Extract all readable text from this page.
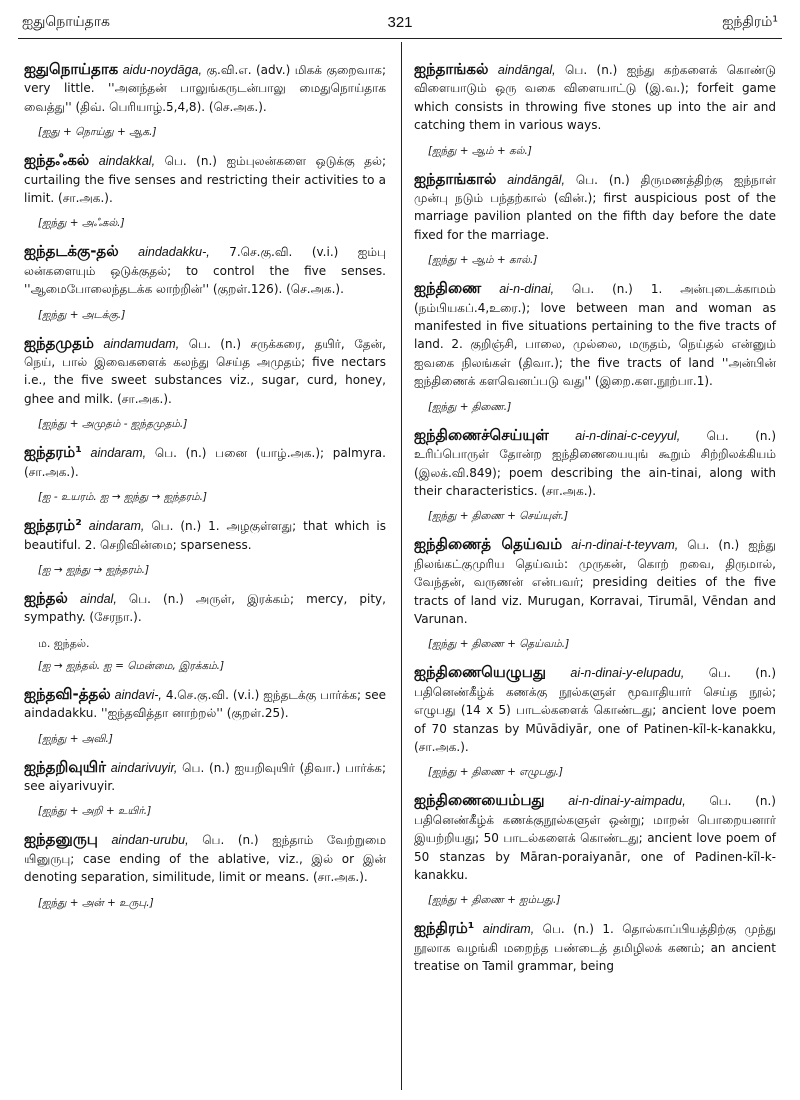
ஐதுநொய்தாக	321	ஐந்திரம்¹
ஐதுநொய்தாக aidu-noydāga, கு.வி.எ. (adv.) மிகக் குறைவாக; very little. ''அனந்தன் பாலுங்கருடன்பாலு மைதுநொய்தாக வைத்து'' (திவ். பெரியாழ்.5,4,8). (செ.அக.).
[ஐது + நொய்து + ஆக.]
ஐந்தஃகல் aindakkal, பெ. (n.) ஐம்புலன்களை ஒடுக்கு தல்; curtailing the five senses and restricting their activities to a limit. (சா.அக.).
[ஐந்து + அஃகல்.]
ஐந்தடக்கு-தல் aindadakku-, 7.செ.கு.வி. (v.i.) ஐம்பு லன்களையும் ஒடுக்குதல்; to control the five senses. ''ஆமைபோலைந்தடக்க லாற்றின்'' (குறள்.126). (செ.அக.).
[ஐந்து + அடக்கு.]
ஐந்தமுதம் aindamudam, பெ. (n.) சருக்கரை, தயிர், தேன், நெய், பால் இவைகளைக் கலந்து செய்த அமுதம்; five nectars i.e., the five sweet substances viz., sugar, curd, honey, ghee and milk. (சா.அக.).
[ஐந்து + அமுதம் - ஐந்தமுதம்.]
ஐந்தரம்¹ aindaram, பெ. (n.) பனை (யாழ்.அக.); palmyra. (சா.அக.).
[ஐ - உயரம். ஐ → ஐந்து → ஐந்தரம்.]
ஐந்தரம்² aindaram, பெ. (n.) 1. அழகுள்ளது; that which is beautiful. 2. செறிவின்மை; sparseness.
[ஐ → ஐந்து → ஐந்தரம்.]
ஐந்தல் aindal, பெ. (n.) அருள், இரக்கம்; mercy, pity, sympathy. (சேரநா.).
ம. ஐந்தல்.
[ஐ → ஐந்தல். ஐ = மென்மை, இரக்கம்.]
ஐந்தவி-த்தல் aindavi-, 4.செ.கு.வி. (v.i.) ஐந்தடக்கு பார்க்க; see aindadakku. ''ஐந்தவித்தா னாற்றல்'' (குறள்.25).
[ஐந்து + அவி.]
ஐந்தறிவுயிர் aindarivuyir, பெ. (n.) ஐயறிவுயிர் (திவா.) பார்க்க; see aiyarivuyir.
[ஐந்து + அறி + உயிர்.]
ஐந்தனுருபு aindan-urubu, பெ. (n.) ஐந்தாம் வேற்றுமை யினுருபு; case ending of the ablative, viz., இல் or இன் denoting separation, similitude, limit or means. (சா.அக.).
[ஐந்து + அன் + உருபு.]
ஐந்தாங்கல் aindāngal, பெ. (n.) ஐந்து கற்களைக் கொண்டு விளையாடும் ஒரு வகை விளையாட்டு (இ.வ.); forfeit game which consists in throwing five stones up into the air and catching them in various ways.
[ஐந்து + ஆம் + கல்.]
ஐந்தாங்கால் aindāngāl, பெ. (n.) திருமணத்திற்கு ஐந்நாள் முன்பு நடும் பந்தற்கால் (வின்.); first auspicious post of the marriage pavilion planted on the fifth day before the date fixed for the marriage.
[ஐந்து + ஆம் + கால்.]
ஐந்திணை ai-n-dinai, பெ. (n.) 1. அன்புடைக்காமம் (நம்பியகப்.4,உரை.); love between man and woman as manifested in five situations pertaining to the five tracts of land. 2. குறிஞ்சி, பாலை, முல்லை, மருதம், நெய்தல் என்னும் ஐவகை நிலங்கள் (திவா.); the five tracts of land ''அன்பின் ஐந்திணைக் களவெனப்படு வது'' (இறை.கள.நூற்பா.1).
[ஐந்து + திணை.]
ஐந்திணைச்செய்யுள் ai-n-dinai-c-ceyyul, பெ. (n.) உரிப்பொருள் தோன்ற ஐந்திணையையுங் கூறும் சிற்றிலக்கியம் (இலக்.வி.849); poem describing the ain-tinai, along with their characteristics. (சா.அக.).
[ஐந்து + திணை + செய்யுள்.]
ஐந்திணைத் தெய்வம் ai-n-dinai-t-teyvam, பெ. (n.) ஐந்து நிலங்கட்குமுரிய தெய்வம்: முருகன், கொற் றவை, திருமால், வேந்தன், வருணன் என்பவர்; presiding deities of the five tracts of land viz. Murugan, Korravai, Tirumāl, Vēndan and Varunan.
[ஐந்து + திணை + தெய்வம்.]
ஐந்திணையெழுபது ai-n-dinai-y-elupadu, பெ. (n.) பதினெண்கீழ்க் கணக்கு நூல்களுள் மூவாதியார் செய்த நூல்; எழுபது (14 x 5) பாடல்களைக் கொண்டது; ancient love poem of 70 stanzas by Mūvādiyār, one of Patinen-kīl-k-kanakku, (சா.அக.).
[ஐந்து + திணை + எழுபது.]
ஐந்திணையைம்பது ai-n-dinai-y-aimpadu, பெ. (n.) பதினெண்கீழ்க் கணக்குநூல்களுள் ஒன்று; மாறன் பொறையனார் இயற்றியது; 50 பாடல்களைக் கொண்டது; ancient love poem of 50 stanzas by Māran-poraiyanār, one of Padinen-kīl-k-kanakku.
[ஐந்து + திணை + ஐம்பது.]
ஐந்திரம்¹ aindiram, பெ. (n.) 1. தொல்காப்பியத்திற்கு முந்து நூலாக வழங்கி மறைந்த பண்டைத் தமிழிலக் கணம்; an ancient treatise on Tamil grammar, being
